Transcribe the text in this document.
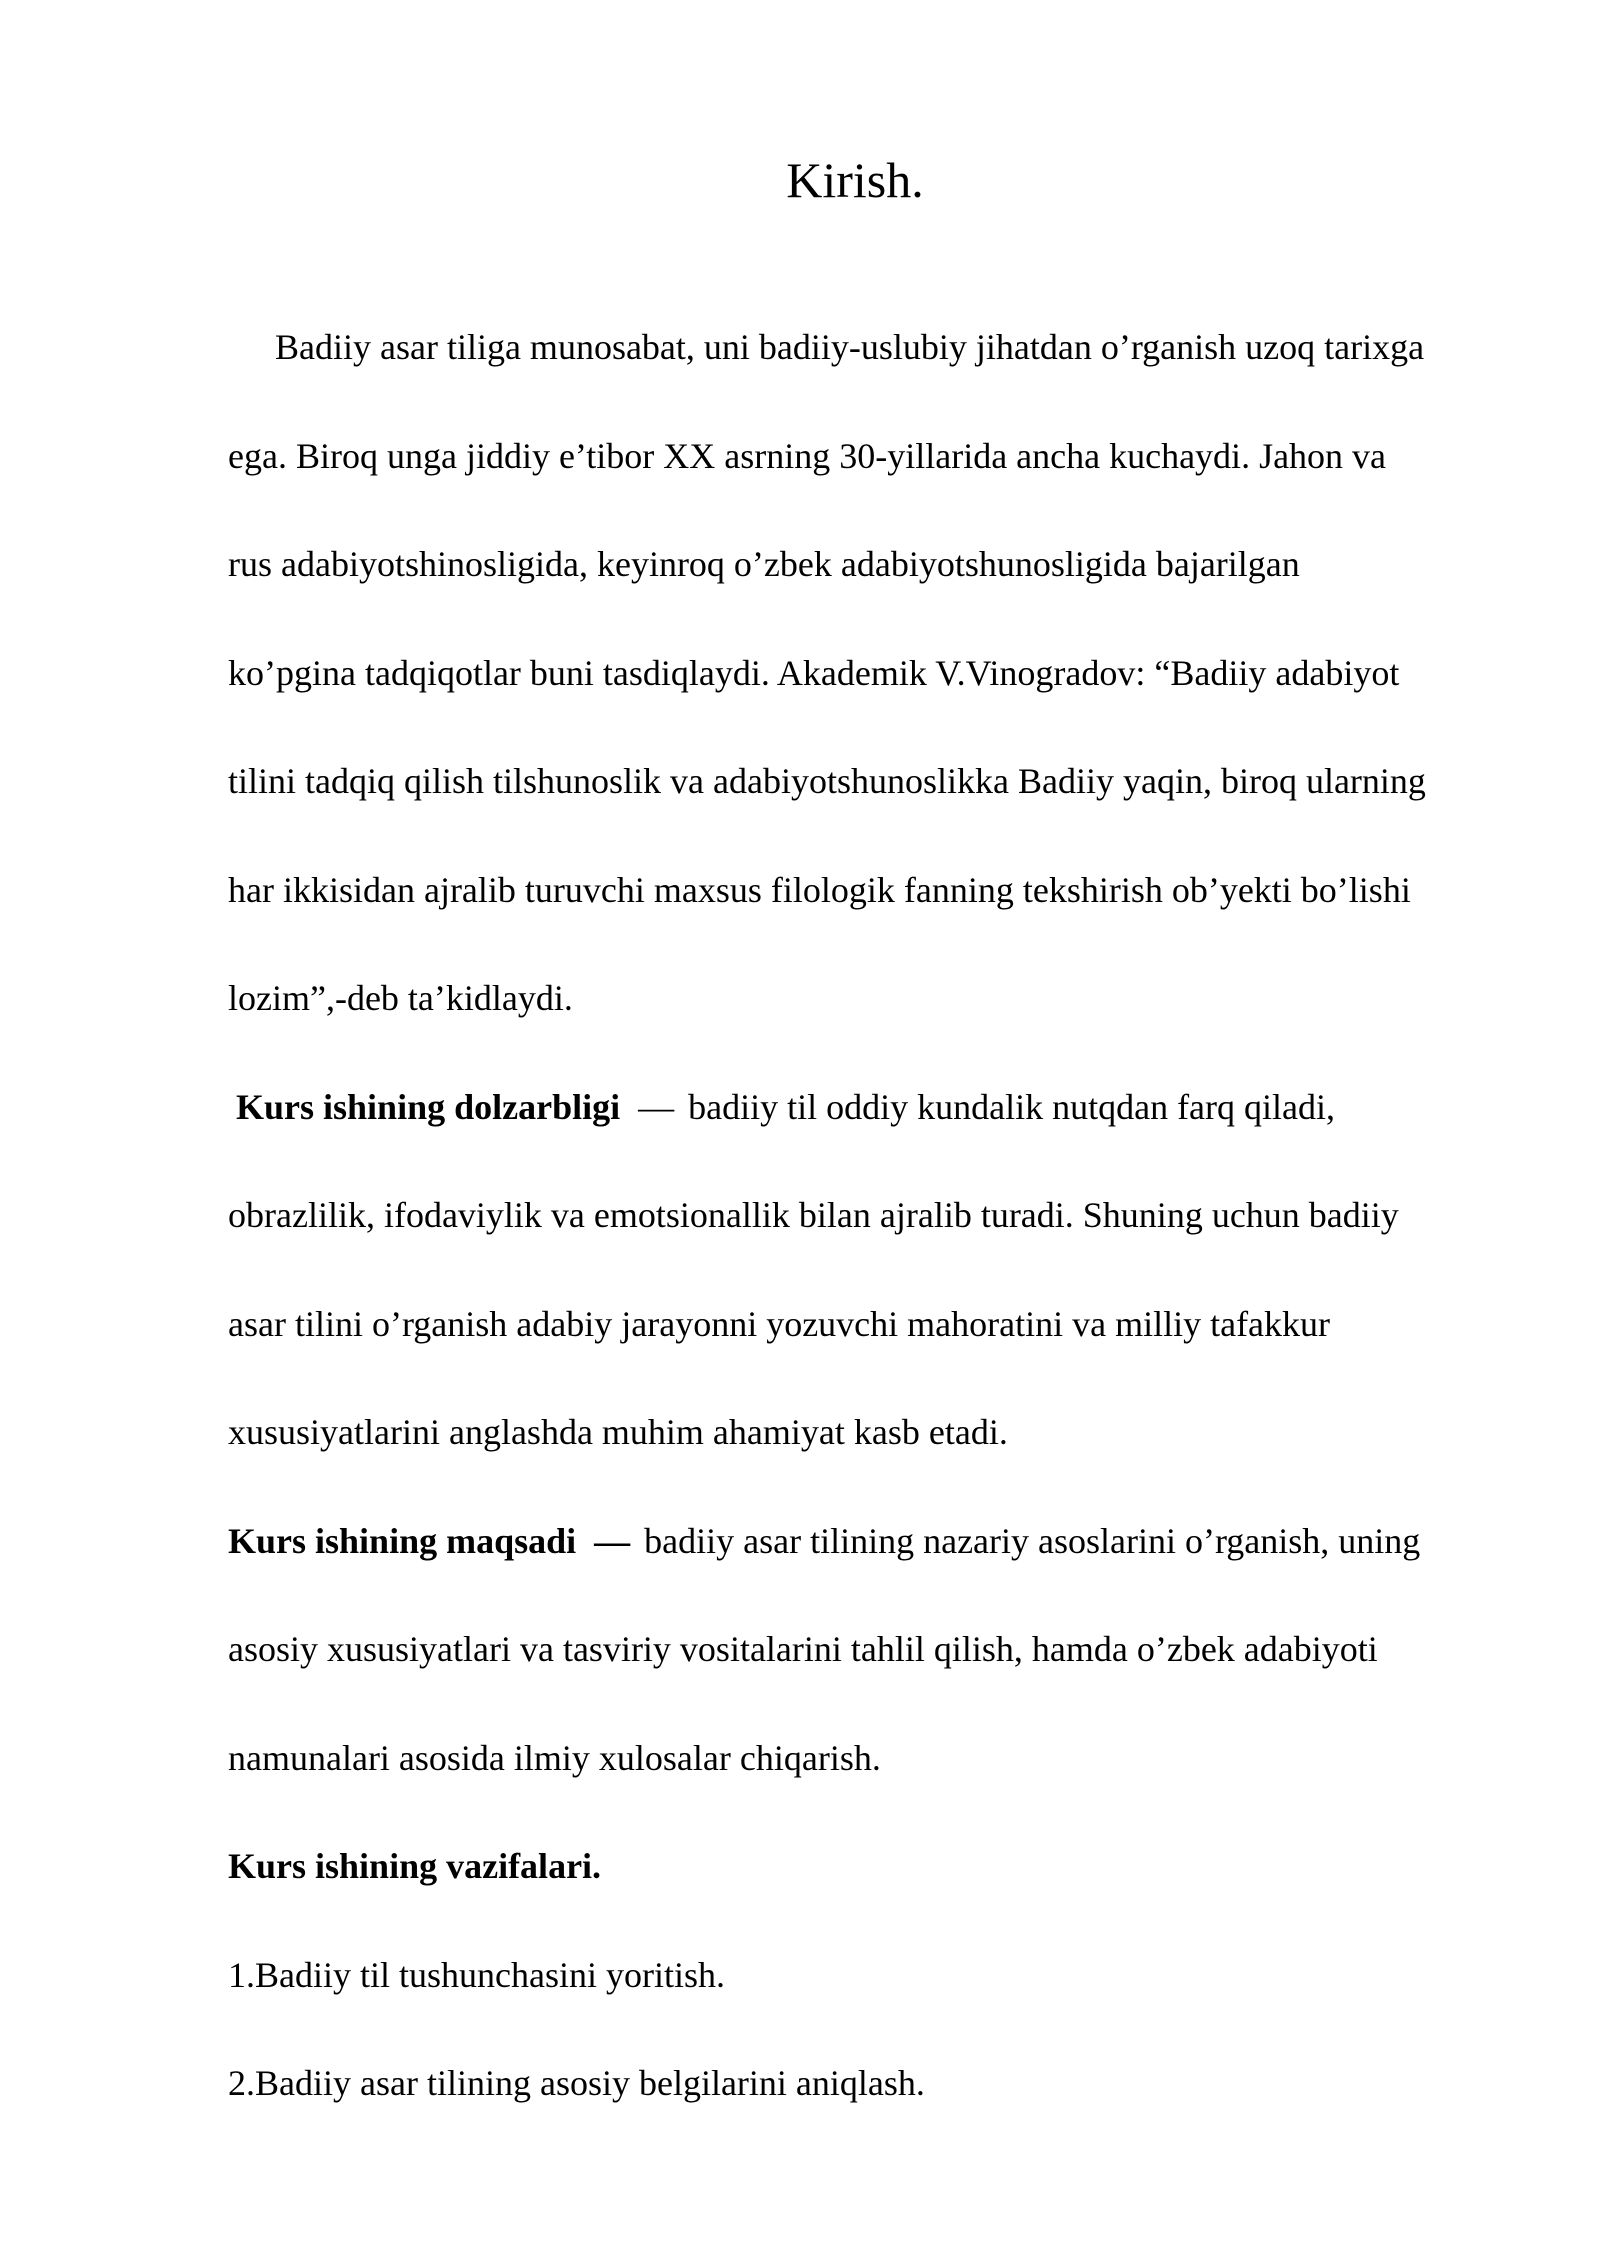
Kirish.
Badiiy asar tiliga munosabat, uni badiiy-uslubiy jihatdan o’rganish uzoq tarixga
ega. Biroq unga jiddiy e’tibor XX asrning 30-yillarida ancha kuchaydi. Jahon va
rus adabiyotshinosligida, keyinroq o’zbek adabiyotshunosligida bajarilgan
ko’pgina tadqiqotlar buni tasdiqlaydi. Akademik V.Vinogradov: “Badiiy adabiyot
tilini tadqiq qilish tilshunoslik va adabiyotshunoslikka Badiiy yaqin, biroq ularning
har ikkisidan ajralib turuvchi maxsus filologik fanning tekshirish ob’yekti bo’lishi
lozim”,-deb ta’kidlaydi.
Kurs ishining dolzarbligi — badiiy til oddiy kundalik nutqdan farq qiladi,
obrazlilik, ifodaviylik va emotsionallik bilan ajralib turadi. Shuning uchun badiiy
asar tilini o’rganish adabiy jarayonni yozuvchi mahoratini va milliy tafakkur
xususiyatlarini anglashda muhim ahamiyat kasb etadi.
Kurs ishining maqsadi — badiiy asar tilining nazariy asoslarini o’rganish, uning
asosiy xususiyatlari va tasviriy vositalarini tahlil qilish, hamda o’zbek adabiyoti
namunalari asosida ilmiy xulosalar chiqarish.
Kurs ishining vazifalari.
1.Badiiy til tushunchasini yoritish.
2.Badiiy asar tilining asosiy belgilarini aniqlash.
